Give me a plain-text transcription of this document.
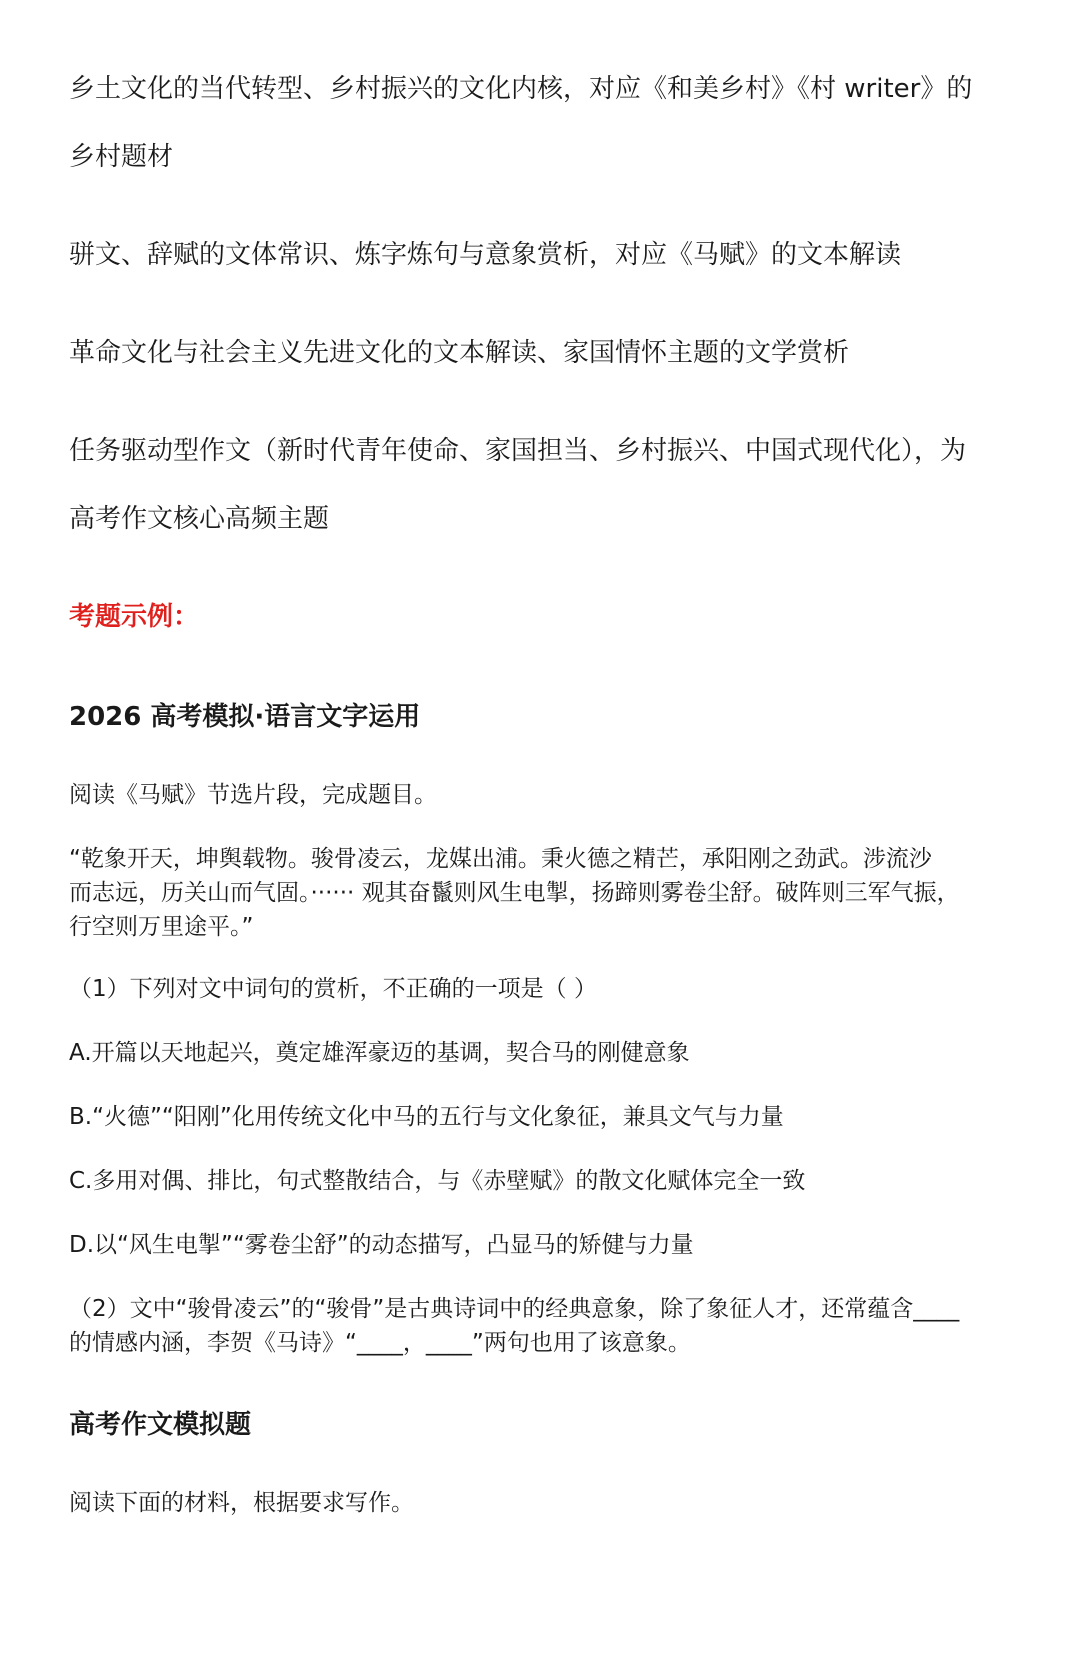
乡土文化的当代转型、乡村振兴的文化内核，对应《和美乡村》《村 writer》的
乡村题材
骈文、辞赋的文体常识、炼字炼句与意象赏析，对应《马赋》的文本解读
革命文化与社会主义先进文化的文本解读、家国情怀主题的文学赏析
任务驱动型作文（新时代青年使命、家国担当、乡村振兴、中国式现代化），为
高考作文核心高频主题
考题示例：
2026 高考模拟·语言文字运用
阅读《马赋》节选片段，完成题目。
“乾象开天，坤舆载物。骏骨凌云，龙媒出浦。秉火德之精芒，承阳刚之劲武。涉流沙
而志远，历关山而气固。······ 观其奋鬣则风生电掣，扬蹄则雾卷尘舒。破阵则三军气振，
行空则万里途平。”
（1）下列对文中词句的赏析，不正确的一项是（ ）
A.开篇以天地起兴，奠定雄浑豪迈的基调，契合马的刚健意象
B.“火德”“阳刚”化用传统文化中马的五行与文化象征，兼具文气与力量
C.多用对偶、排比，句式整散结合，与《赤壁赋》的散文化赋体完全一致
D.以“风生电掣”“雾卷尘舒”的动态描写，凸显马的矫健与力量
（2）文中“骏骨凌云”的“骏骨”是古典诗词中的经典意象，除了象征人才，还常蕴含____
的情感内涵，李贺《马诗》“____，____”两句也用了该意象。
高考作文模拟题
阅读下面的材料，根据要求写作。
